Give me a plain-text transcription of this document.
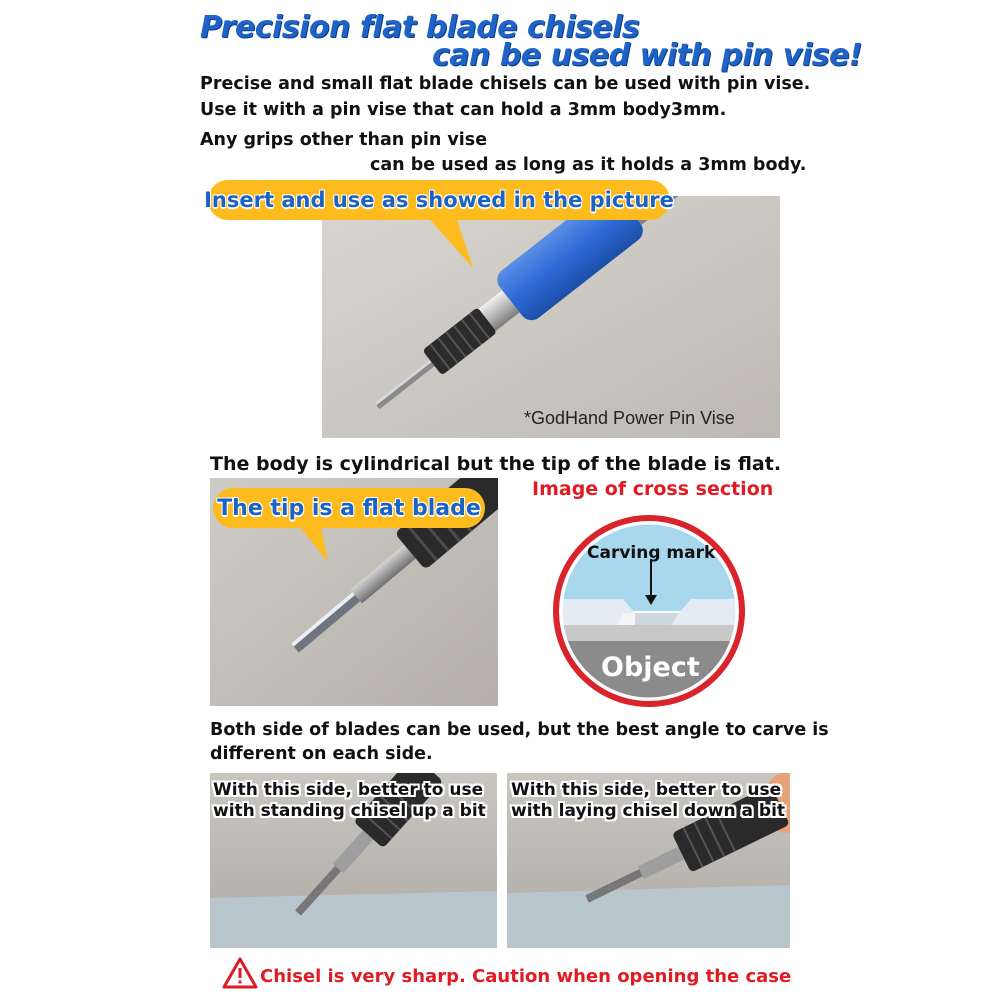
Precision flat blade chisels
can be used with pin vise!
Precise and small flat blade chisels can be used with pin vise.
Use it with a pin vise that can hold a 3mm body3mm.
Any grips other than pin vise
can be used as long as it holds a 3mm body.
*GodHand Power Pin Vise
Insert and use as showed in the picture
The body is cylindrical but the tip of the blade is flat.
The tip is a flat blade
Image of cross section
Carving mark
Object
Both side of blades can be used, but the best angle to carve is
different on each side.
With this side, better to use
with standing chisel up a bit
With this side, better to use
with laying chisel down a bit
Chisel is very sharp. Caution when opening the case
